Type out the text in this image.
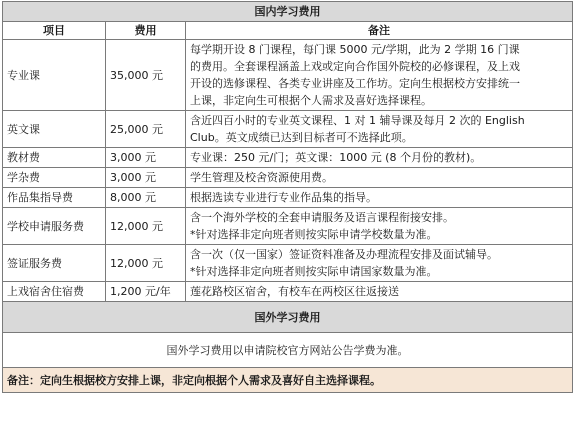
国内学习费用		
项目	费用	备注
专业课	35,000 元	每学期开设 8 门课程，每门课 5000 元/学期，此为 2 学期 16 门课
的费用。全套课程涵盖上戏或定向合作国外院校的必修课程，及上戏
开设的选修课程、各类专业讲座及工作坊。定向生根据校方安排统一
上课，非定向生可根据个人需求及喜好选择课程。

英文课	25,000 元	含近四百小时的专业英文课程、1 对 1 辅导课及每月 2 次的 English
Club。英文成绩已达到目标者可不选择此项。

教材费	3,000 元	专业课：250 元/门；英文课：1000 元 (8 个月份的教材)。

学杂费	3,000 元	学生管理及校舍资源使用费。

作品集指导费	8,000 元	根据选读专业进行专业作品集的指导。

学校申请服务费	12,000 元	含一个海外学校的全套申请服务及语言课程衔接安排。
*针对选择非定向班者则按实际申请学校数量为准。

签证服务费	12,000 元	含一次（仅一国家）签证资料准备及办理流程安排及面试辅导。
*针对选择非定向班者则按实际申请国家数量为准。

上戏宿舍住宿费	1,200 元/年	莲花路校区宿舍，有校车在两校区往返接送

国外学习费用		
国外学习费用以申请院校官方网站公告学费为准。		
备注：定向生根据校方安排上课，非定向根据个人需求及喜好自主选择课程。		
